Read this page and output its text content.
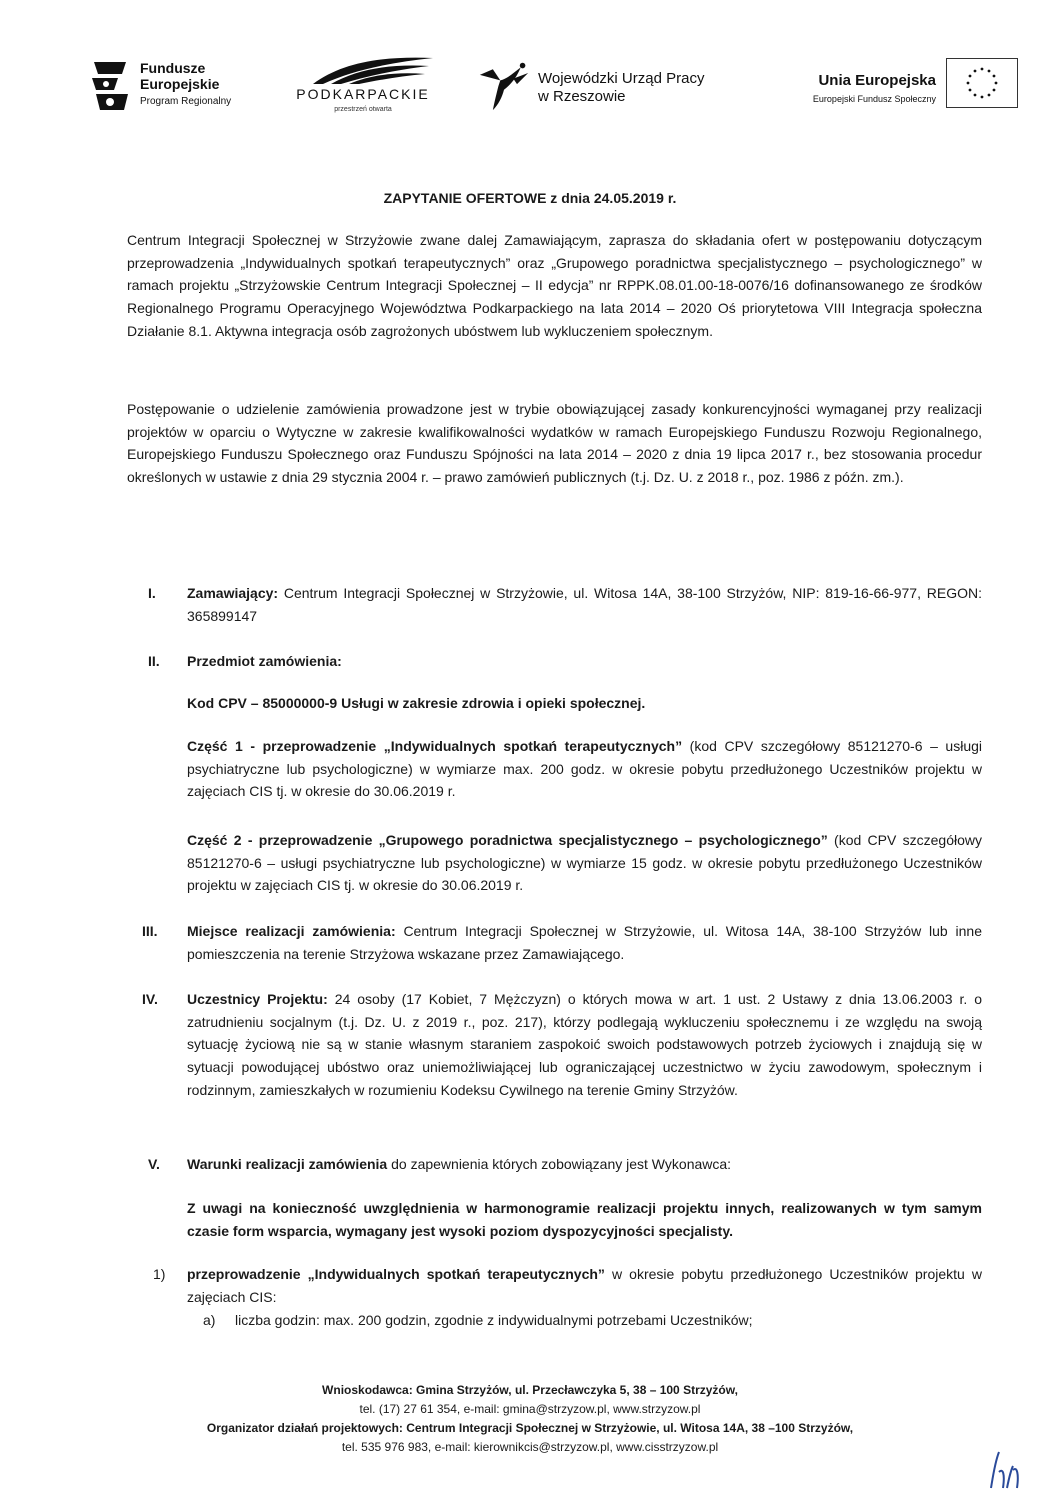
Fundusze
Europejskie
Program Regionalny	PODKARPACKIE
przestrzeń otwarta
Wojewódzki Urząd Pracy
w Rzeszowie
Unia Europejska
Europejski Fundusz Społeczny
ZAPYTANIE OFERTOWE z dnia 24.05.2019 r.
Centrum Integracji Społecznej w Strzyżowie zwane dalej Zamawiającym, zaprasza do składania ofert w postępowaniu dotyczącym przeprowadzenia „Indywidualnych spotkań terapeutycznych” oraz „Grupowego poradnictwa specjalistycznego – psychologicznego” w ramach projektu „Strzyżowskie Centrum Integracji Społecznej – II edycja” nr RPPK.08.01.00-18-0076/16 dofinansowanego ze środków Regionalnego Programu Operacyjnego Województwa Podkarpackiego na lata 2014 – 2020 Oś priorytetowa VIII Integracja społeczna Działanie 8.1. Aktywna integracja osób zagrożonych ubóstwem lub wykluczeniem społecznym.
Postępowanie o udzielenie zamówienia prowadzone jest w trybie obowiązującej zasady konkurencyjności wymaganej przy realizacji projektów w oparciu o Wytyczne w zakresie kwalifikowalności wydatków w ramach Europejskiego Funduszu Rozwoju Regionalnego, Europejskiego Funduszu Społecznego oraz Funduszu Spójności na lata 2014 – 2020 z dnia 19 lipca 2017 r., bez stosowania procedur określonych w ustawie z dnia 29 stycznia 2004 r. – prawo zamówień publicznych (t.j. Dz. U. z 2018 r., poz. 1986 z późn. zm.).
I. Zamawiający: Centrum Integracji Społecznej w Strzyżowie, ul. Witosa 14A, 38-100 Strzyżów, NIP: 819-16-66-977, REGON: 365899147
II. Przedmiot zamówienia:
Kod CPV – 85000000-9 Usługi w zakresie zdrowia i opieki społecznej.
Część 1 - przeprowadzenie „Indywidualnych spotkań terapeutycznych” (kod CPV szczegółowy 85121270-6 – usługi psychiatryczne lub psychologiczne) w wymiarze max. 200 godz. w okresie pobytu przedłużonego Uczestników projektu w zajęciach CIS tj. w okresie do 30.06.2019 r.
Część 2 - przeprowadzenie „Grupowego poradnictwa specjalistycznego – psychologicznego” (kod CPV szczegółowy 85121270-6 – usługi psychiatryczne lub psychologiczne) w wymiarze 15 godz. w okresie pobytu przedłużonego Uczestników projektu w zajęciach CIS tj. w okresie do 30.06.2019 r.
III. Miejsce realizacji zamówienia: Centrum Integracji Społecznej w Strzyżowie, ul. Witosa 14A, 38-100 Strzyżów lub inne pomieszczenia na terenie Strzyżowa wskazane przez Zamawiającego.
IV. Uczestnicy Projektu: 24 osoby (17 Kobiet, 7 Mężczyzn) o których mowa w art. 1 ust. 2 Ustawy z dnia 13.06.2003 r. o zatrudnieniu socjalnym (t.j. Dz. U. z 2019 r., poz. 217), którzy podlegają wykluczeniu społecznemu i ze względu na swoją sytuację życiową nie są w stanie własnym staraniem zaspokoić swoich podstawowych potrzeb życiowych i znajdują się w sytuacji powodującej ubóstwo oraz uniemożliwiającej lub ograniczającej uczestnictwo w życiu zawodowym, społecznym i rodzinnym, zamieszkałych w rozumieniu Kodeksu Cywilnego na terenie Gminy Strzyżów.
V. Warunki realizacji zamówienia do zapewnienia których zobowiązany jest Wykonawca:
Z uwagi na konieczność uwzględnienia w harmonogramie realizacji projektu innych, realizowanych w tym samym czasie form wsparcia, wymagany jest wysoki poziom dyspozycyjności specjalisty.
1) przeprowadzenie „Indywidualnych spotkań terapeutycznych” w okresie pobytu przedłużonego Uczestników projektu w zajęciach CIS:
a) liczba godzin: max. 200 godzin, zgodnie z indywidualnymi potrzebami Uczestników;
Wnioskodawca: Gmina Strzyżów, ul. Przecławczyka 5, 38 – 100 Strzyżów,
tel. (17) 27 61 354, e-mail: gmina@strzyzow.pl, www.strzyzow.pl
Organizator działań projektowych: Centrum Integracji Społecznej w Strzyżowie, ul. Witosa 14A, 38 –100 Strzyżów,
tel. 535 976 983, e-mail: kierownikcis@strzyzow.pl, www.cisstrzyzow.pl
